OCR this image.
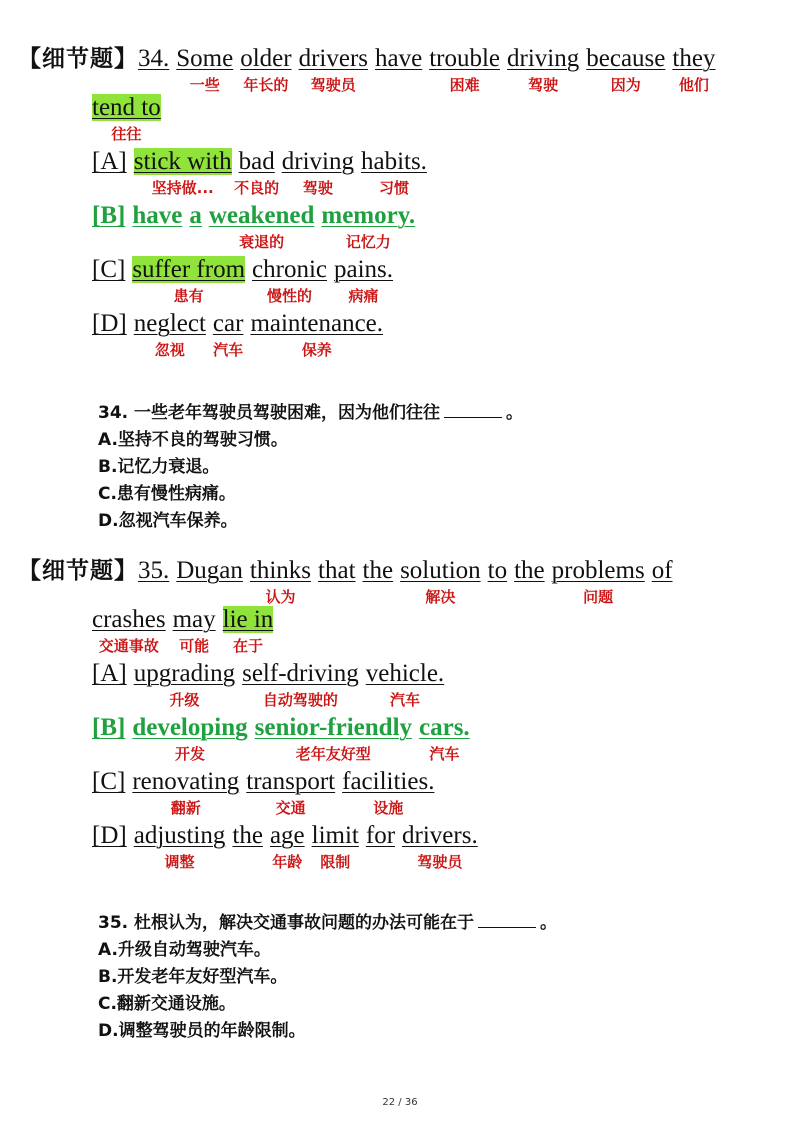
【细节题】34. Some
一些
older
年长的
drivers
驾驶员
have trouble
困难
driving
驾驶
because
因为
they
他们
tend to
往往
[A] stick with
坚持做...
bad
不良的
driving
驾驶
habits.
习惯
[B] have a weakened
衰退的
memory.
记忆力
[C] suffer from
患有
chronic
慢性的
pains.
病痛
[D] neglect
忽视
car
汽车
maintenance.
保养
34. 一些老年驾驶员驾驶困难，因为他们往往	。
A.坚持不良的驾驶习惯。
B.记忆力衰退。
C.患有慢性病痛。
D.忽视汽车保养。
【细节题】35. Dugan thinks
认为
that the solution
解决
to the problems
问题
of
crashes
交通事故
may
可能
lie in
在于
[A] upgrading
升级
self-driving
自动驾驶的
vehicle.
汽车
[B] developing
开发
senior-friendly
老年友好型
cars.
汽车
[C] renovating
翻新
transport
交通
facilities.
设施
[D] adjusting
调整
the age
年龄
limit
限制
for drivers.
驾驶员
35. 杜根认为，解决交通事故问题的办法可能在于	。
A.升级自动驾驶汽车。
B.开发老年友好型汽车。
C.翻新交通设施。
D.调整驾驶员的年龄限制。
22 / 36
